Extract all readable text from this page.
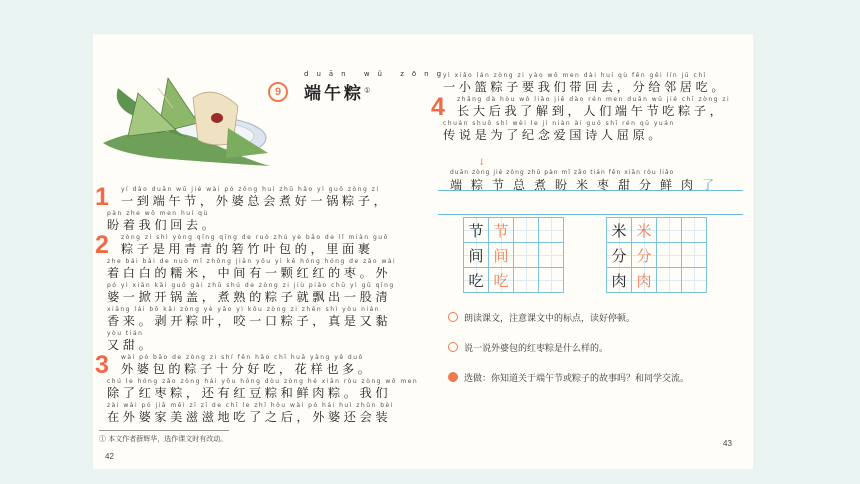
9
duān wǔ zōng
端午粽①
yí dào duān wǔ jié wài pó zǒng huì zhǔ hǎo yì guō zòng zi
一到端午节，外婆总会煮好一锅粽子，
pàn zhe wǒ men huí qù
盼着我们回去。
zòng zi shì yòng qīng qīng de ruò zhú yè bāo de lǐ miàn guǒ
粽子是用青青的箬竹叶包的，里面裹
zhe bái bái de nuò mǐ zhōng jiān yǒu yì kē hóng hóng de zǎo wài
着白白的糯米，中间有一颗红红的枣。外
pó yì xiān kāi guō gài zhǔ shú de zòng zi jiù piāo chū yì gǔ qīng
婆一掀开锅盖，煮熟的粽子就飘出一股清
xiāng lái bō kāi zòng yè yǎo yì kǒu zòng zi zhēn shì yòu nián
香来。剥开粽叶，咬一口粽子，真是又黏
yòu tián
又甜。
wài pó bāo de zòng zi shí fēn hǎo chī huā yàng yě duō
外婆包的粽子十分好吃，花样也多。
chú le hóng zǎo zòng hái yǒu hóng dòu zòng hé xiān ròu zòng wǒ men
除了红枣粽，还有红豆粽和鲜肉粽。我们
zài wài pó jiā měi zī zī de chī le zhī hòu wài pó hái huì zhǔn bèi
在外婆家美滋滋地吃了之后，外婆还会装
1
2
3
yì xiǎo lán zòng zi yào wǒ men dài huí qù fēn gěi lín jū chī
一小篮粽子要我们带回去，分给邻居吃。
zhǎng dà hòu wǒ liǎo jiě dào rén men duān wǔ jié chī zòng zi
长大后我了解到，人们端午节吃粽子，
chuán shuō shì wèi le jì niàn ài guó shī rén qū yuán
传说是为了纪念爱国诗人屈原。
4
① 本文作者薛辉华，选作课文时有改动。
↓
duān zòng jié zǒng zhǔ pàn mǐ zǎo tián fēn xiān ròu liǎo
端粽节总煮盼米枣甜分鲜肉了
节	节		
间	间		
吃	吃		
米	米		
分	分		
肉	肉		
朗读课文，注意课文中的标点，读好停顿。
说一说外婆包的红枣粽是什么样的。
选做：你知道关于端午节或粽子的故事吗？和同学交流。
42
43
